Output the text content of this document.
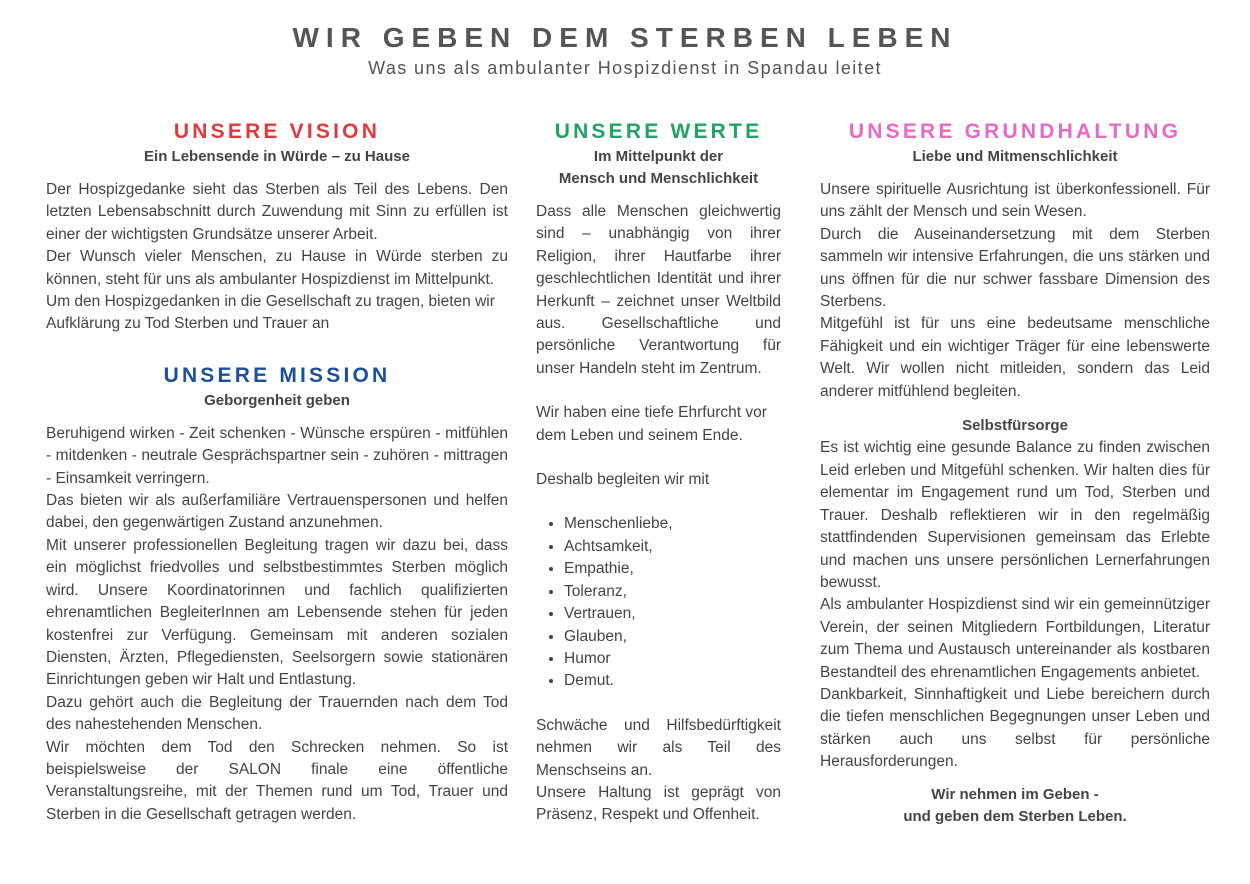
WIR GEBEN DEM STERBEN LEBEN
Was uns als ambulanter Hospizdienst in Spandau leitet
UNSERE VISION
Ein Lebensende in Würde – zu Hause

Der Hospizgedanke sieht das Sterben als Teil des Lebens. Den letzten Lebensabschnitt durch Zuwendung mit Sinn zu erfüllen ist einer der wichtigsten Grundsätze unserer Arbeit.

Der Wunsch vieler Menschen, zu Hause in Würde sterben zu können, steht für uns als ambulanter Hospizdienst im Mittelpunkt.

Um den Hospizgedanken in die Gesellschaft zu tragen, bieten wir Aufklärung zu Tod Sterben und Trauer an

UNSERE MISSION
Geborgenheit geben

Beruhigend wirken - Zeit schenken - Wünsche erspüren - mitfühlen - mitdenken - neutrale Gesprächspartner sein - zuhören - mittragen - Einsamkeit verringern.

Das bieten wir als außerfamiliäre Vertrauenspersonen und helfen dabei, den gegenwärtigen Zustand anzunehmen.

Mit unserer professionellen Begleitung tragen wir dazu bei, dass ein möglichst friedvolles und selbstbestimmtes Sterben möglich wird. Unsere Koordinatorinnen und fachlich qualifizierten ehrenamtlichen BegleiterInnen am Lebensende stehen für jeden kostenfrei zur Verfügung. Gemeinsam mit anderen sozialen Diensten, Ärzten, Pflegediensten, Seelsorgern sowie stationären Einrichtungen geben wir Halt und Entlastung.

Dazu gehört auch die Begleitung der Trauernden nach dem Tod des nahestehenden Menschen.

Wir möchten dem Tod den Schrecken nehmen. So ist beispielsweise der SALON finale eine öffentliche Veranstaltungsreihe, mit der Themen rund um Tod, Trauer und Sterben in die Gesellschaft getragen werden.

UNSERE WERTE
Im Mittelpunkt der
Mensch und Menschlichkeit

Dass alle Menschen gleichwertig sind – unabhängig von ihrer Religion, ihrer Hautfarbe ihrer geschlechtlichen Identität und ihrer Herkunft – zeichnet unser Weltbild aus. Gesellschaftliche und persönliche Verantwortung für unser Handeln steht im Zentrum.

Wir haben eine tiefe Ehrfurcht vor dem Leben und seinem Ende.

Deshalb begleiten wir mit

• Menschenliebe,
• Achtsamkeit,
• Empathie,
• Toleranz,
• Vertrauen,
• Glauben,
• Humor
• Demut.

Schwäche und Hilfsbedürftigkeit nehmen wir als Teil des Menschseins an.

Unsere Haltung ist geprägt von Präsenz, Respekt und Offenheit.

UNSERE GRUNDHALTUNG
Liebe und Mitmenschlichkeit

Unsere spirituelle Ausrichtung ist überkonfessionell. Für uns zählt der Mensch und sein Wesen.

Durch die Auseinandersetzung mit dem Sterben sammeln wir intensive Erfahrungen, die uns stärken und uns öffnen für die nur schwer fassbare Dimension des Sterbens.

Mitgefühl ist für uns eine bedeutsame menschliche Fähigkeit und ein wichtiger Träger für eine lebenswerte Welt. Wir wollen nicht mitleiden, sondern das Leid anderer mitfühlend begleiten.

Selbstfürsorge

Es ist wichtig eine gesunde Balance zu finden zwischen Leid erleben und Mitgefühl schenken. Wir halten dies für elementar im Engagement rund um Tod, Sterben und Trauer. Deshalb reflektieren wir in den regelmäßig stattfindenden Supervisionen gemeinsam das Erlebte und machen uns unsere persönlichen Lernerfahrungen bewusst.

Als ambulanter Hospizdienst sind wir ein gemeinnütziger Verein, der seinen Mitgliedern Fortbildungen, Literatur zum Thema und Austausch untereinander als kostbaren Bestandteil des ehrenamtlichen Engagements anbietet.

Dankbarkeit, Sinnhaftigkeit und Liebe bereichern durch die tiefen menschlichen Begegnungen unser Leben und stärken auch uns selbst für persönliche Herausforderungen.

Wir nehmen im Geben -
und geben dem Sterben Leben.
